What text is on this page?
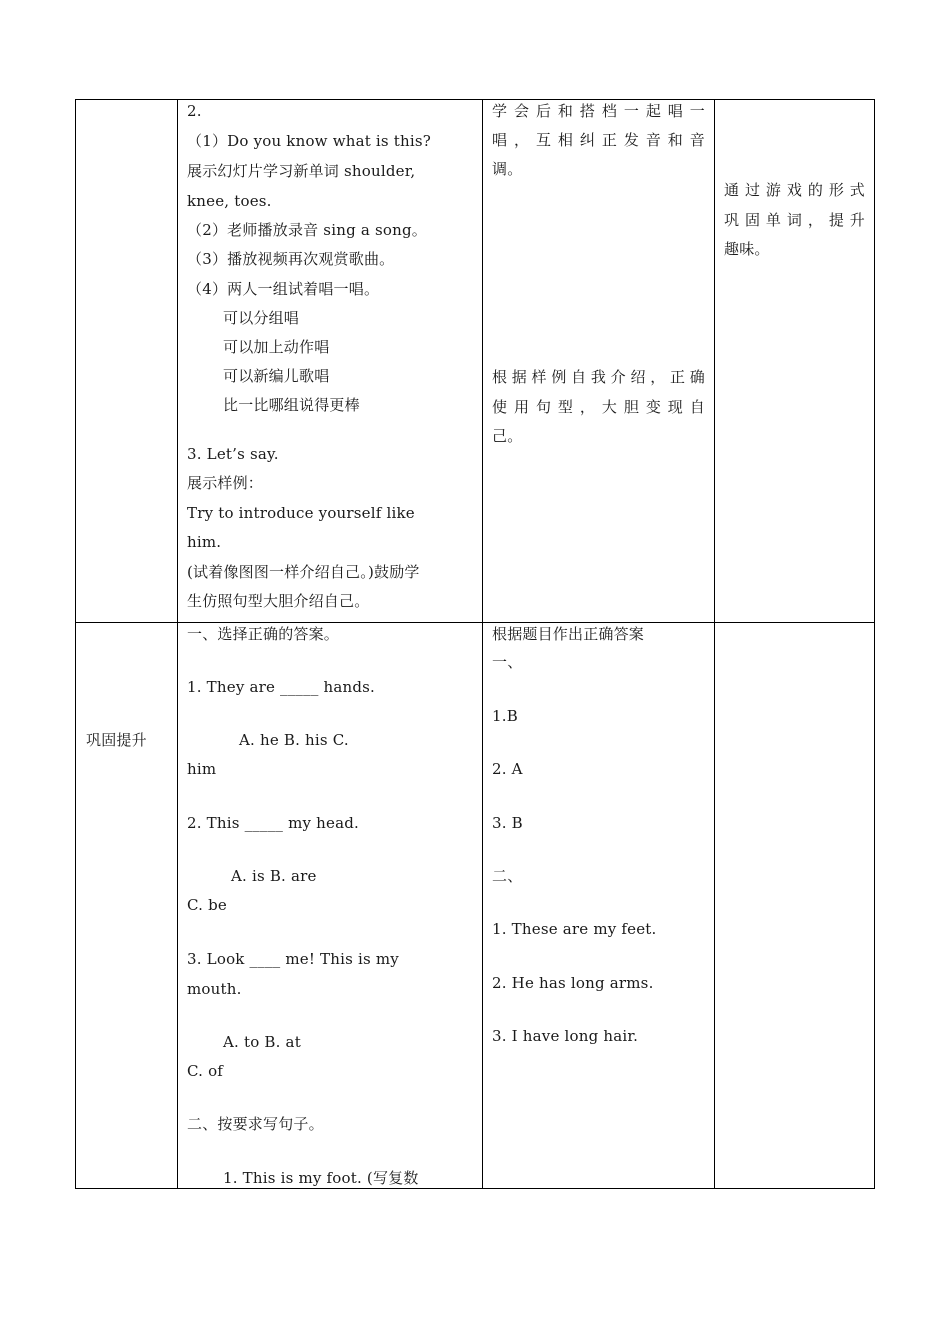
2.
（1）Do you know what is this?
展示幻灯片学习新单词 shoulder,
knee, toes.
（2）老师播放录音 sing a song。
（3）播放视频再次观赏歌曲。
（4）两人一组试着唱一唱。
可以分组唱
可以加上动作唱
可以新编儿歌唱
比一比哪组说得更棒
3. Let’s say.
展示样例：
Try to introduce yourself like
him.
(试着像图图一样介绍自己。)鼓励学
生仿照句型大胆介绍自己。
学会后和搭档一起唱一
唱，互相纠正发音和音
调。
根据样例自我介绍，正确
使用句型，大胆变现自
己。
通过游戏的形式
巩固单词，提升
趣味。
巩固提升
一、选择正确的答案。
1. They are _____ hands.
A. he B. his C.
him
2. This _____ my head.
A. is B. are
C. be
3. Look ____ me! This is my
mouth.
A. to B. at
C. of
二、按要求写句子。
1. This is my foot. (写复数
根据题目作出正确答案
一、
1.B
2. A
3. B
二、
1. These are my feet.
2. He has long arms.
3. I have long hair.
